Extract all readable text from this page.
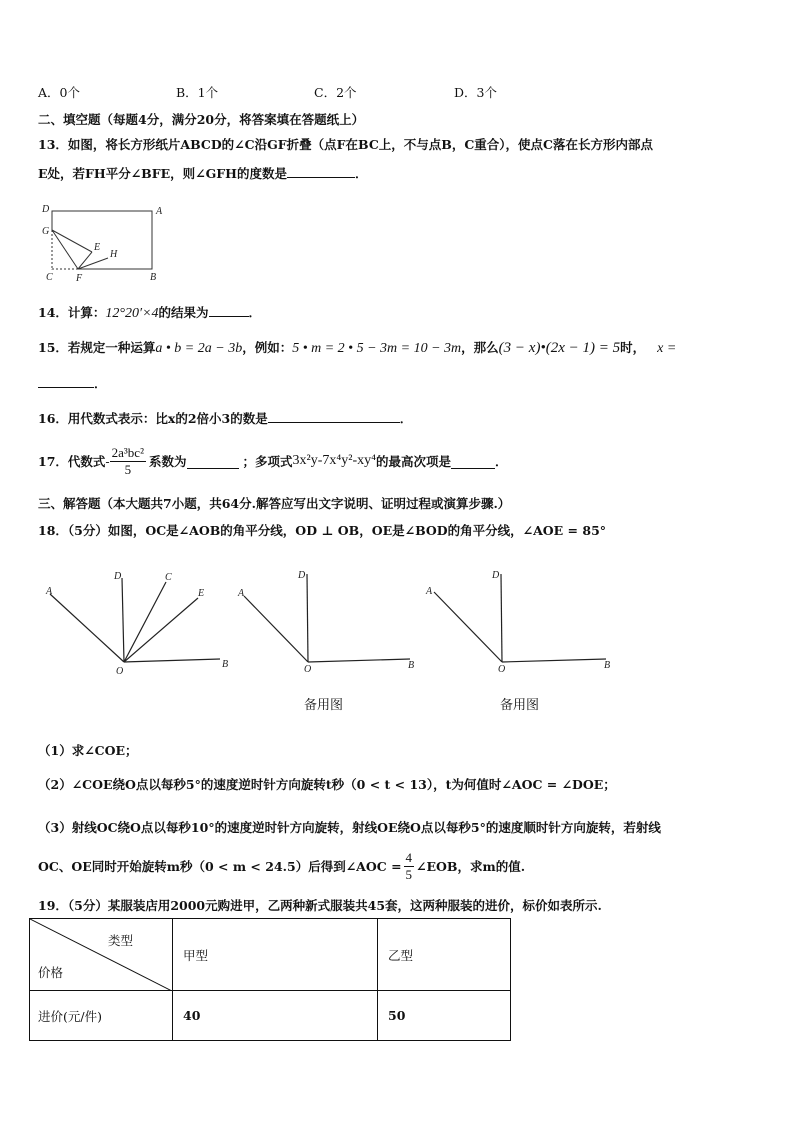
A．0个	B．1个	C．2个	D．3个
二、填空题（每题4分，满分20分，将答案填在答题纸上）
13．如图，将长方形纸片ABCD的∠C沿GF折叠（点F在BC上，不与点B，C重合），使点C落在长方形内部点
E处，若FH平分∠BFE，则∠GFH的度数是	．
D	A
G
E
H
C F	B
14．计算：12°20′×4的结果为	．
15．若规定一种运算a • b = 2a − 3b，例如：5 • m = 2 • 5 − 3m = 10 − 3m，那么(3 − x)•(2x − 1) = 5时， x =
．
16．用代数式表示：比x的2倍小3的数是	．
17．代数式 - $\frac{\text{2a³bc²}}{5}$ 系数为	；多项式 3x²y-7x⁴y²-xy⁴ 的最高次项是	．
三、解答题（本大题共7小题，共64分.解答应写出文字说明、证明过程或演算步骤.）
18．（5分）如图，OC是∠AOB的角平分线，OD ⊥ OB，OE是∠BOD的角平分线，∠AOE = 85°
A
D	C
E
O
B
A
D
O	B
A
D
O	B
备用图	备用图
（1）求∠COE；
（2）∠COE绕O点以每秒5°的速度逆时针方向旋转t秒（0 < t < 13），t为何值时∠AOC = ∠DOE；
（3）射线OC绕O点以每秒10°的速度逆时针方向旋转，射线OE绕O点以每秒5°的速度顺时针方向旋转，若射线
OC、OE同时开始旋转m秒（0 < m < 24.5）后得到∠AOC = $\frac{4}{5}$ ∠EOB，求m的值.
19．（5分）某服装店用2000元购进甲，乙两种新式服装共45套，这两种服装的进价，标价如表所示.
类型
价格	甲型	乙型
进价(元/件)	40	50
